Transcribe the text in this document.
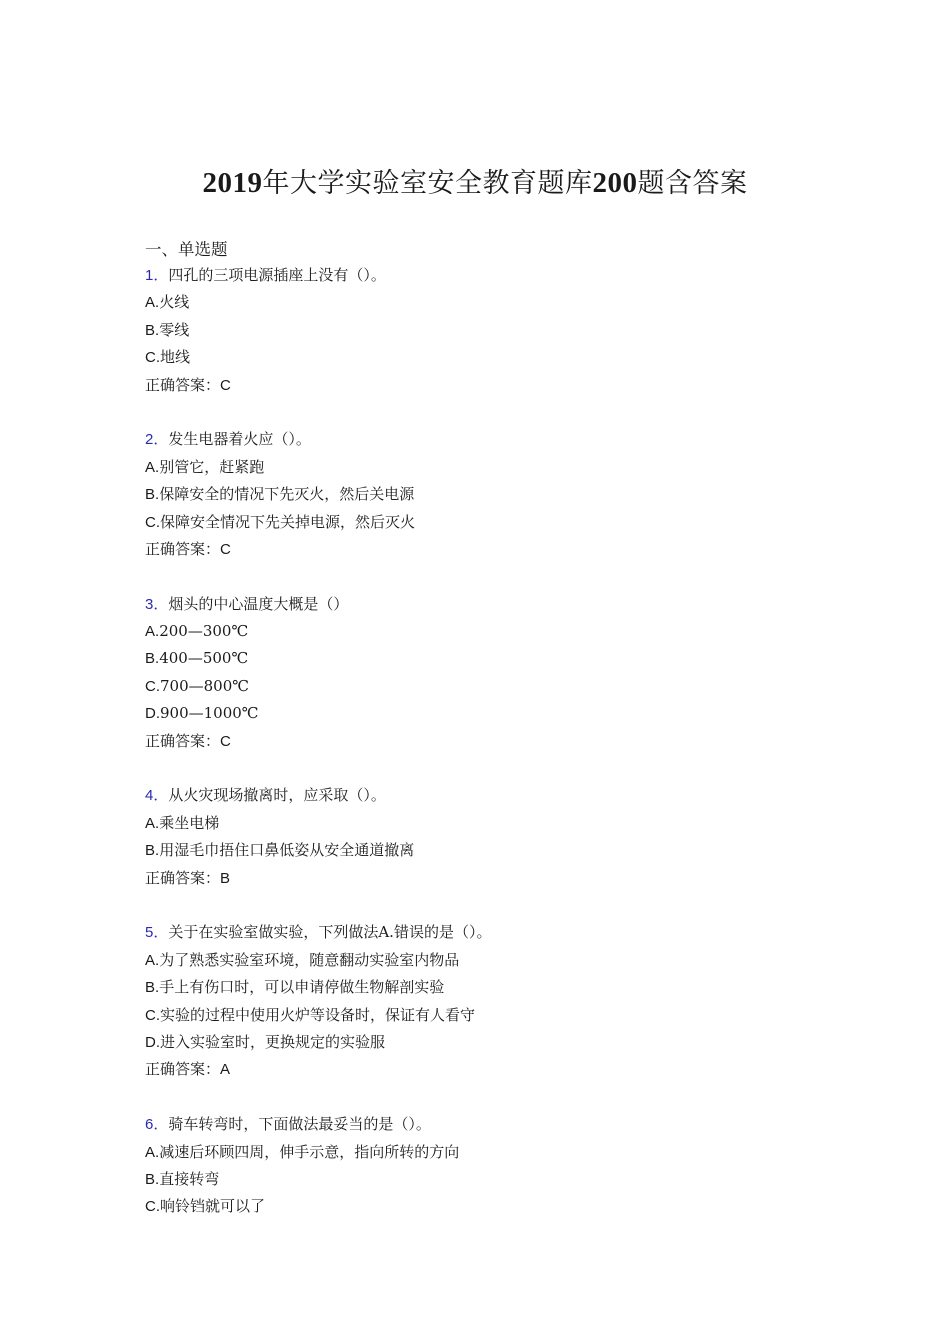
2019年大学实验室安全教育题库200题含答案
一、单选题
1．四孔的三项电源插座上没有（）。
A.火线
B.零线
C.地线
正确答案：C
2．发生电器着火应（）。
A.别管它，赶紧跑
B.保障安全的情况下先灭火，然后关电源
C.保障安全情况下先关掉电源，然后灭火
正确答案：C
3．烟头的中心温度大概是（）
A.200—300℃
B.400—500℃
C.700—800℃
D.900—1000℃
正确答案：C
4．从火灾现场撤离时，应采取（）。
A.乘坐电梯
B.用湿毛巾捂住口鼻低姿从安全通道撤离
正确答案：B
5．关于在实验室做实验，下列做法A.错误的是（）。
A.为了熟悉实验室环境，随意翻动实验室内物品
B.手上有伤口时，可以申请停做生物解剖实验
C.实验的过程中使用火炉等设备时，保证有人看守
D.进入实验室时，更换规定的实验服
正确答案：A
6．骑车转弯时，下面做法最妥当的是（）。
A.减速后环顾四周，伸手示意，指向所转的方向
B.直接转弯
C.响铃铛就可以了
